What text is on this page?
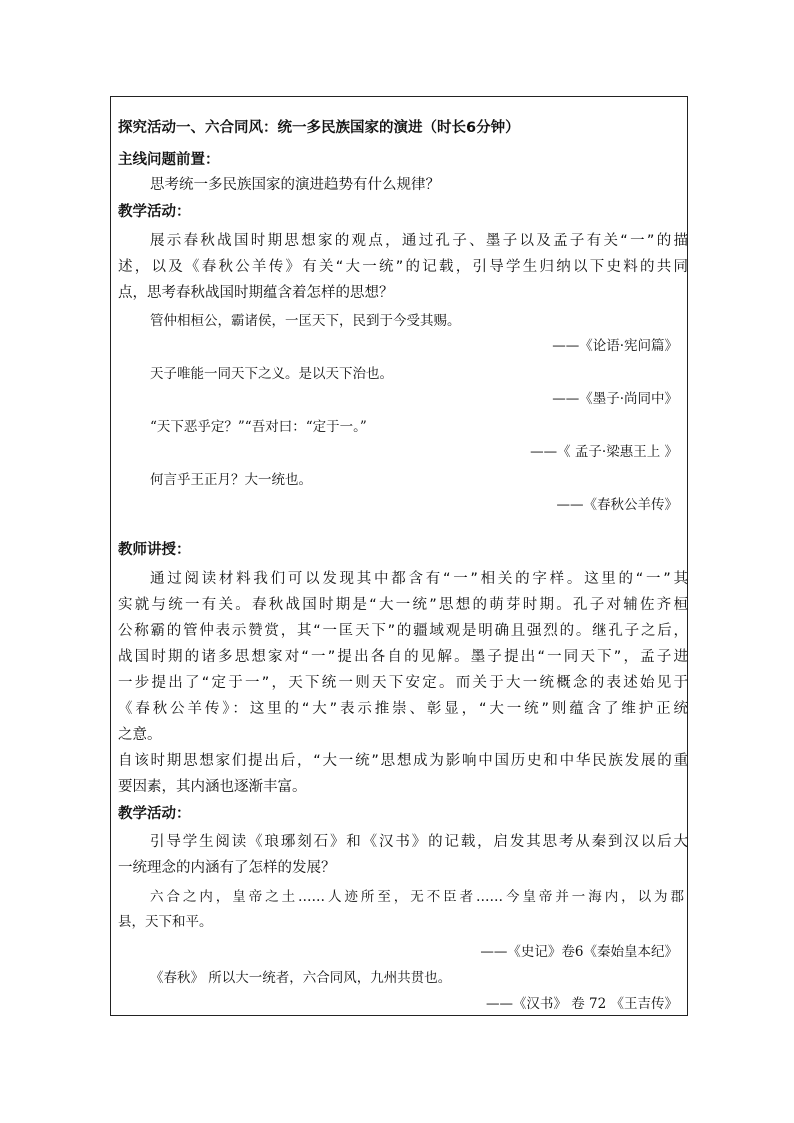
探究活动一、六合同风：统一多民族国家的演进（时长6分钟）
主线问题前置：
思考统一多民族国家的演进趋势有什么规律？
教学活动：
展示春秋战国时期思想家的观点，通过孔子、墨子以及孟子有关“一”的描
述，以及《春秋公羊传》有关“大一统”的记载，引导学生归纳以下史料的共同
点，思考春秋战国时期蕴含着怎样的思想？
管仲相桓公，霸诸侯，一匡天下，民到于今受其赐。
——《论语·宪问篇》
天子唯能一同天下之义。是以天下治也。
——《墨子·尚同中》
“天下恶乎定？”“吾对曰：“定于一。”
——《 孟子·梁惠王上 》
何言乎王正月？大一统也。
——《春秋公羊传》
教师讲授：
通过阅读材料我们可以发现其中都含有“一”相关的字样。这里的“一”其
实就与统一有关。春秋战国时期是“大一统”思想的萌芽时期。孔子对辅佐齐桓
公称霸的管仲表示赞赏，其“一匡天下”的疆域观是明确且强烈的。继孔子之后，
战国时期的诸多思想家对“一”提出各自的见解。墨子提出“一同天下”，孟子进
一步提出了“定于一”，天下统一则天下安定。而关于大一统概念的表述始见于
《春秋公羊传》：这里的“大”表示推崇、彰显，“大一统”则蕴含了维护正统
之意。
自该时期思想家们提出后，“大一统”思想成为影响中国历史和中华民族发展的重
要因素，其内涵也逐渐丰富。
教学活动：
引导学生阅读《琅琊刻石》和《汉书》的记载，启发其思考从秦到汉以后大
一统理念的内涵有了怎样的发展？
六合之内，皇帝之土……人迹所至，无不臣者……今皇帝并一海内，以为郡
县，天下和平。
——《史记》卷6《秦始皇本纪》
《春秋》 所以大一统者，六合同风，九州共贯也。
——《汉书》 卷 72 《王吉传》
